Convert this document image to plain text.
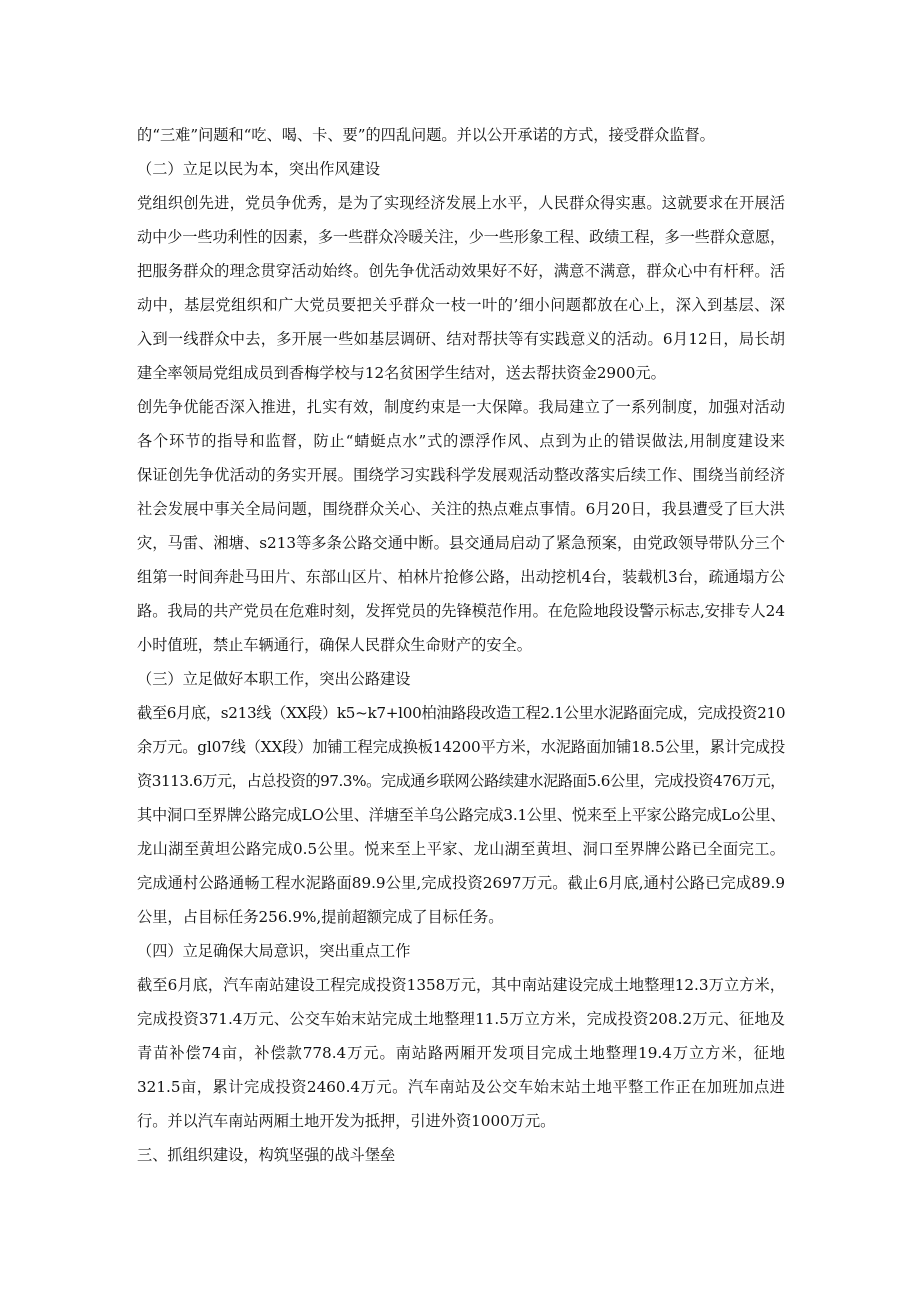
的“三难”问题和“吃、喝、卡、要”的四乱问题。并以公开承诺的方式，接受群众监督。
（二）立足以民为本，突出作风建设
党组织创先进，党员争优秀，是为了实现经济发展上水平，人民群众得实惠。这就要求在开展活
动中少一些功利性的因素，多一些群众冷暖关注，少一些形象工程、政绩工程，多一些群众意愿，
把服务群众的理念贯穿活动始终。创先争优活动效果好不好，满意不满意，群众心中有杆秤。活
动中，基层党组织和广大党员要把关乎群众一枝一叶的’细小问题都放在心上，深入到基层、深
入到一线群众中去，多开展一些如基层调研、结对帮扶等有实践意义的活动。6月12日，局长胡
建全率领局党组成员到香梅学校与12名贫困学生结对，送去帮扶资金2900元。
创先争优能否深入推进，扎实有效，制度约束是一大保障。我局建立了一系列制度，加强对活动
各个环节的指导和监督，防止“蜻蜓点水”式的漂浮作风、点到为止的错误做法,用制度建设来
保证创先争优活动的务实开展。围绕学习实践科学发展观活动整改落实后续工作、围绕当前经济
社会发展中事关全局问题，围绕群众关心、关注的热点难点事情。6月20日，我县遭受了巨大洪
灾，马雷、湘塘、s213等多条公路交通中断。县交通局启动了紧急预案，由党政领导带队分三个
组第一时间奔赴马田片、东部山区片、柏林片抢修公路，出动挖机4台，装载机3台，疏通塌方公
路。我局的共产党员在危难时刻，发挥党员的先锋模范作用。在危险地段设警示标志,安排专人24
小时值班，禁止车辆通行，确保人民群众生命财产的安全。
（三）立足做好本职工作，突出公路建设
截至6月底，s213线（XX段）k5~k7+l00柏油路段改造工程2.1公里水泥路面完成，完成投资210
余万元。gl07线（XX段）加铺工程完成换板14200平方米，水泥路面加铺18.5公里，累计完成投
资3113.6万元，占总投资的97.3%。完成通乡联网公路续建水泥路面5.6公里，完成投资476万元，
其中洞口至界牌公路完成LO公里、洋塘至羊乌公路完成3.1公里、悦来至上平家公路完成Lo公里、
龙山湖至黄坦公路完成0.5公里。悦来至上平家、龙山湖至黄坦、洞口至界牌公路已全面完工。
完成通村公路通畅工程水泥路面89.9公里,完成投资2697万元。截止6月底,通村公路已完成89.9
公里，占目标任务256.9%,提前超额完成了目标任务。
（四）立足确保大局意识，突出重点工作
截至6月底，汽车南站建设工程完成投资1358万元，其中南站建设完成土地整理12.3万立方米，
完成投资371.4万元、公交车始末站完成土地整理11.5万立方米，完成投资208.2万元、征地及
青苗补偿74亩，补偿款778.4万元。南站路两厢开发项目完成土地整理19.4万立方米，征地
321.5亩，累计完成投资2460.4万元。汽车南站及公交车始末站土地平整工作正在加班加点进
行。并以汽车南站两厢土地开发为抵押，引进外资1000万元。
三、抓组织建设，构筑坚强的战斗堡垒
